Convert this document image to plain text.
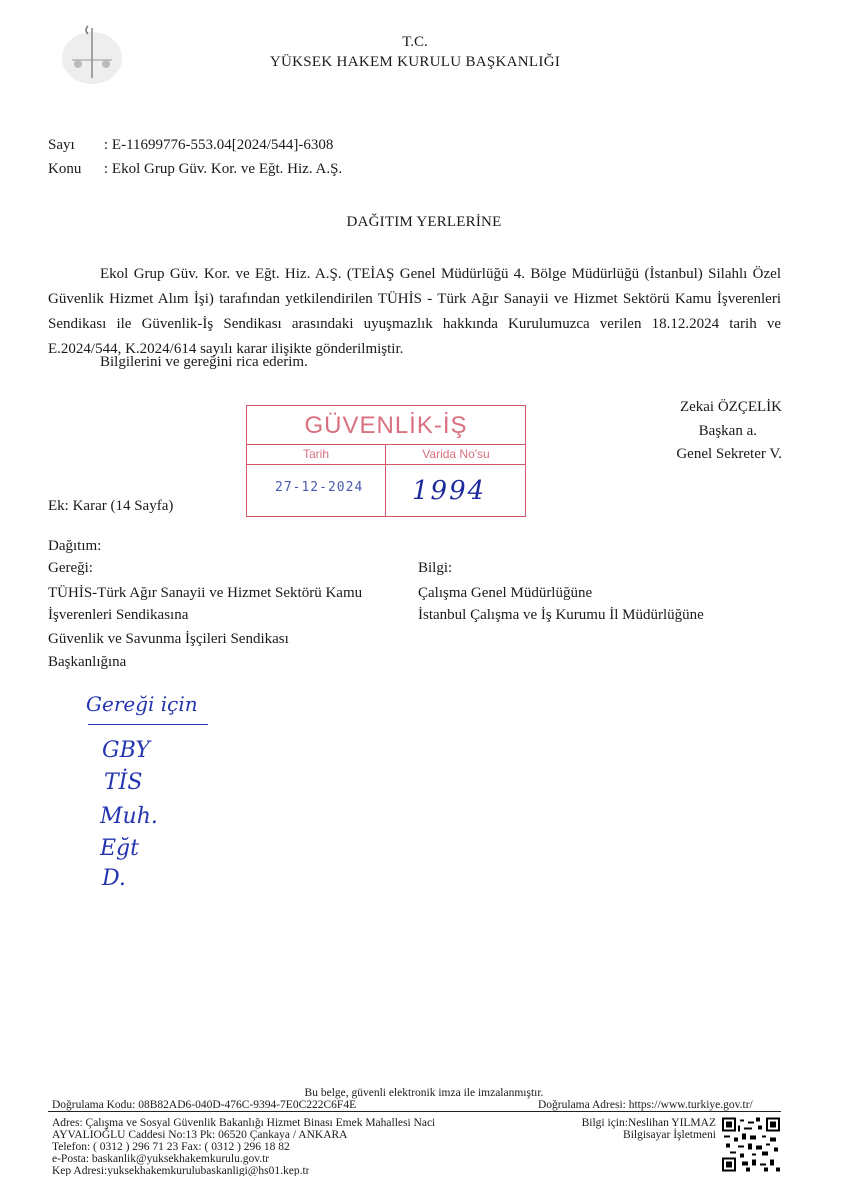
T.C.
YÜKSEK HAKEM KURULU BAŞKANLIĞI
Sayı : E-11699776-553.04[2024/544]-6308
Konu : Ekol Grup Güv. Kor. ve Eğt. Hiz. A.Ş.
DAĞITIM YERLERİNE
Ekol Grup Güv. Kor. ve Eğt. Hiz. A.Ş. (TEİAŞ Genel Müdürlüğü 4. Bölge Müdürlüğü (İstanbul) Silahlı Özel Güvenlik Hizmet Alım İşi) tarafından yetkilendirilen TÜHİS - Türk Ağır Sanayii ve Hizmet Sektörü Kamu İşverenleri Sendikası ile Güvenlik-İş Sendikası arasındaki uyuşmazlık hakkında Kurulumuzca verilen 18.12.2024 tarih ve E.2024/544, K.2024/614 sayılı karar ilişikte gönderilmiştir.
Bilgilerini ve gereğini rica ederim.
Zekai ÖZÇELİK
Başkan a.
Genel Sekreter V.
GÜVENLİK-İŞ
Tarih	Varida No'su
27-12-2024 1994
Ek: Karar (14 Sayfa)
Dağıtım:
Gereği:
TÜHİS-Türk Ağır Sanayii ve Hizmet Sektörü Kamu
İşverenleri Sendikasına
Güvenlik ve Savunma İşçileri Sendikası
Başkanlığına
Bilgi:
Çalışma Genel Müdürlüğüne
İstanbul Çalışma ve İş Kurumu İl Müdürlüğüne
Gereği için
GBY
TİS
Muh.
Eğt
D.
Bu belge, güvenli elektronik imza ile imzalanmıştır.
Doğrulama Kodu: 08B82AD6-040D-476C-9394-7E0C222C6F4E	Doğrulama Adresi: https://www.turkiye.gov.tr/
Adres: Çalışma ve Sosyal Güvenlik Bakanlığı Hizmet Binası Emek Mahallesi Naci
AYVALIOĞLU Caddesi No:13 Pk: 06520 Çankaya / ANKARA
Telefon: ( 0312 ) 296 71 23 Fax: ( 0312 ) 296 18 82
e-Posta: baskanlik@yuksekhakemkurulu.gov.tr
Kep Adresi:yuksekhakemkurulubaskanligi@hs01.kep.tr
Bilgi için:Neslihan YILMAZ
Bilgisayar İşletmeni
